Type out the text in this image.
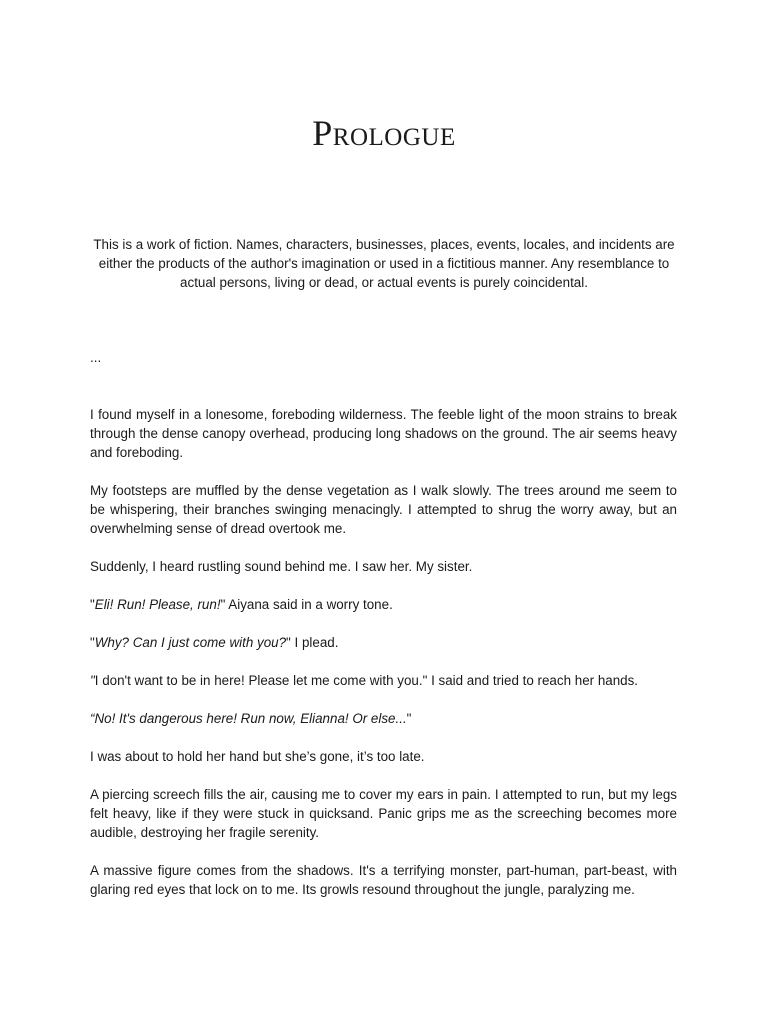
Prologue

This is a work of fiction. Names, characters, businesses, places, events, locales, and incidents are either the products of the author's imagination or used in a fictitious manner. Any resemblance to actual persons, living or dead, or actual events is purely coincidental.

...

I found myself in a lonesome, foreboding wilderness. The feeble light of the moon strains to break through the dense canopy overhead, producing long shadows on the ground. The air seems heavy and foreboding.

My footsteps are muffled by the dense vegetation as I walk slowly. The trees around me seem to be whispering, their branches swinging menacingly. I attempted to shrug the worry away, but an overwhelming sense of dread overtook me.

Suddenly, I heard rustling sound behind me. I saw her. My sister.

"Eli! Run! Please, run!" Aiyana said in a worry tone.

"Why? Can I just come with you?" I plead.

"I don't want to be in here! Please let me come with you." I said and tried to reach her hands.

“No! It's dangerous here! Run now, Elianna! Or else..."

I was about to hold her hand but she’s gone, it’s too late.

A piercing screech fills the air, causing me to cover my ears in pain. I attempted to run, but my legs felt heavy, like if they were stuck in quicksand. Panic grips me as the screeching becomes more audible, destroying her fragile serenity.

A massive figure comes from the shadows. It's a terrifying monster, part-human, part-beast, with glaring red eyes that lock on to me. Its growls resound throughout the jungle, paralyzing me.
